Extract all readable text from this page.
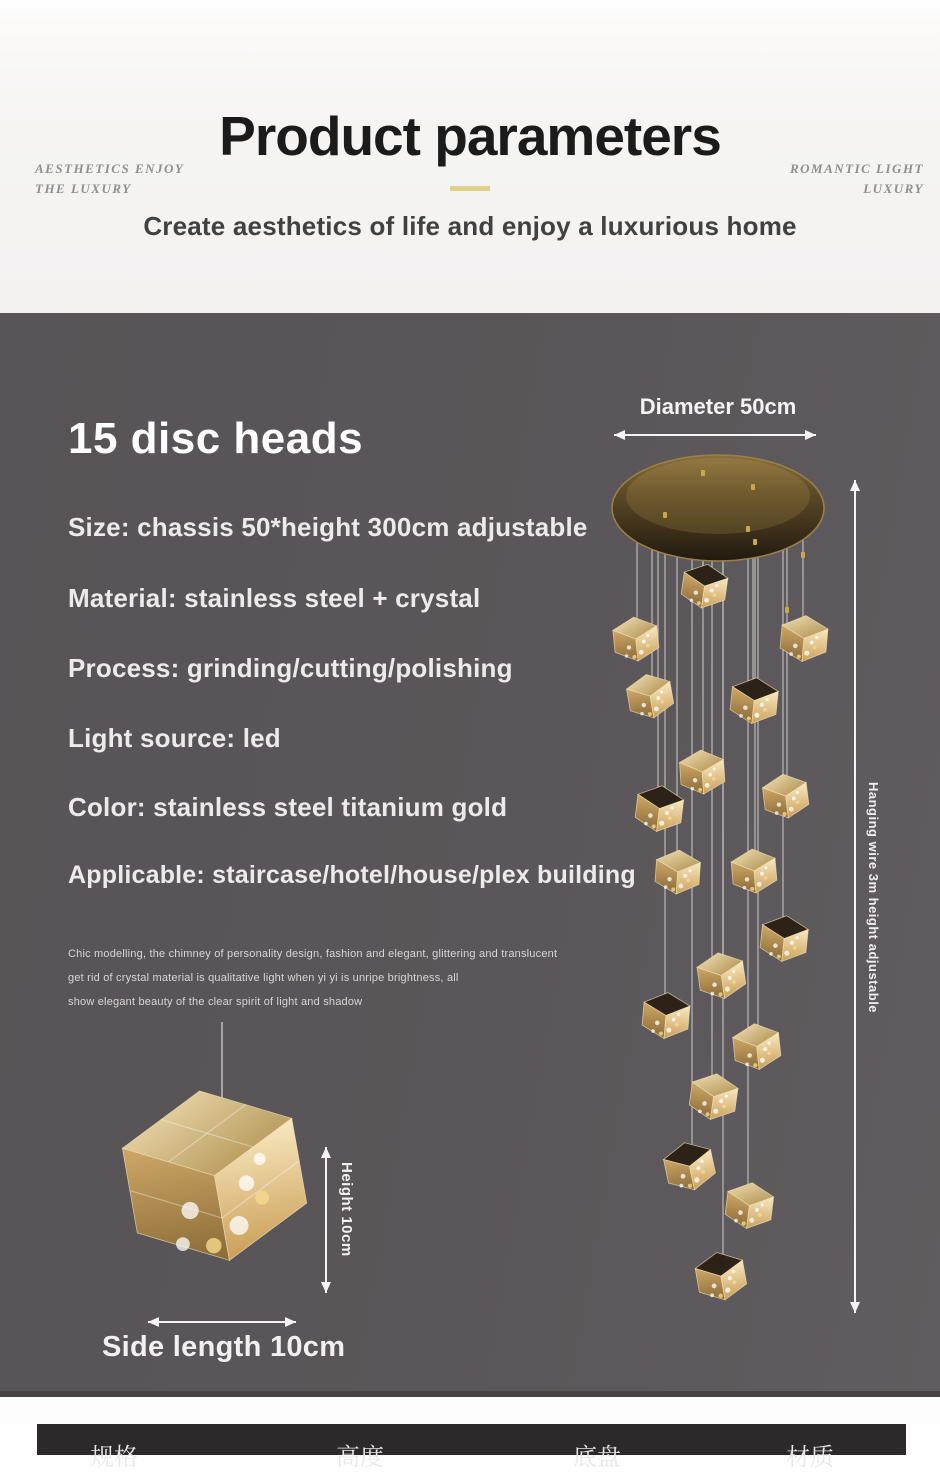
AESTHETICS ENJOY
THE LUXURY
Product parameters
ROMANTIC LIGHT
LUXURY
Create aesthetics of life and enjoy a luxurious home
15 disc heads
Size: chassis 50*height 300cm adjustable
Material: stainless steel + crystal
Process: grinding/cutting/polishing
Light source: led
Color: stainless steel titanium gold
Applicable: staircase/hotel/house/plex building
Chic modelling, the chimney of personality design, fashion and elegant, glittering and translucent
get rid of crystal material is qualitative light when yi yi is unripe brightness, all
show elegant beauty of the clear spirit of light and shadow
Diameter 50cm
Hanging wire 3m height adjustable
Height 10cm
Side length 10cm
规格	高度	底盘	材质
